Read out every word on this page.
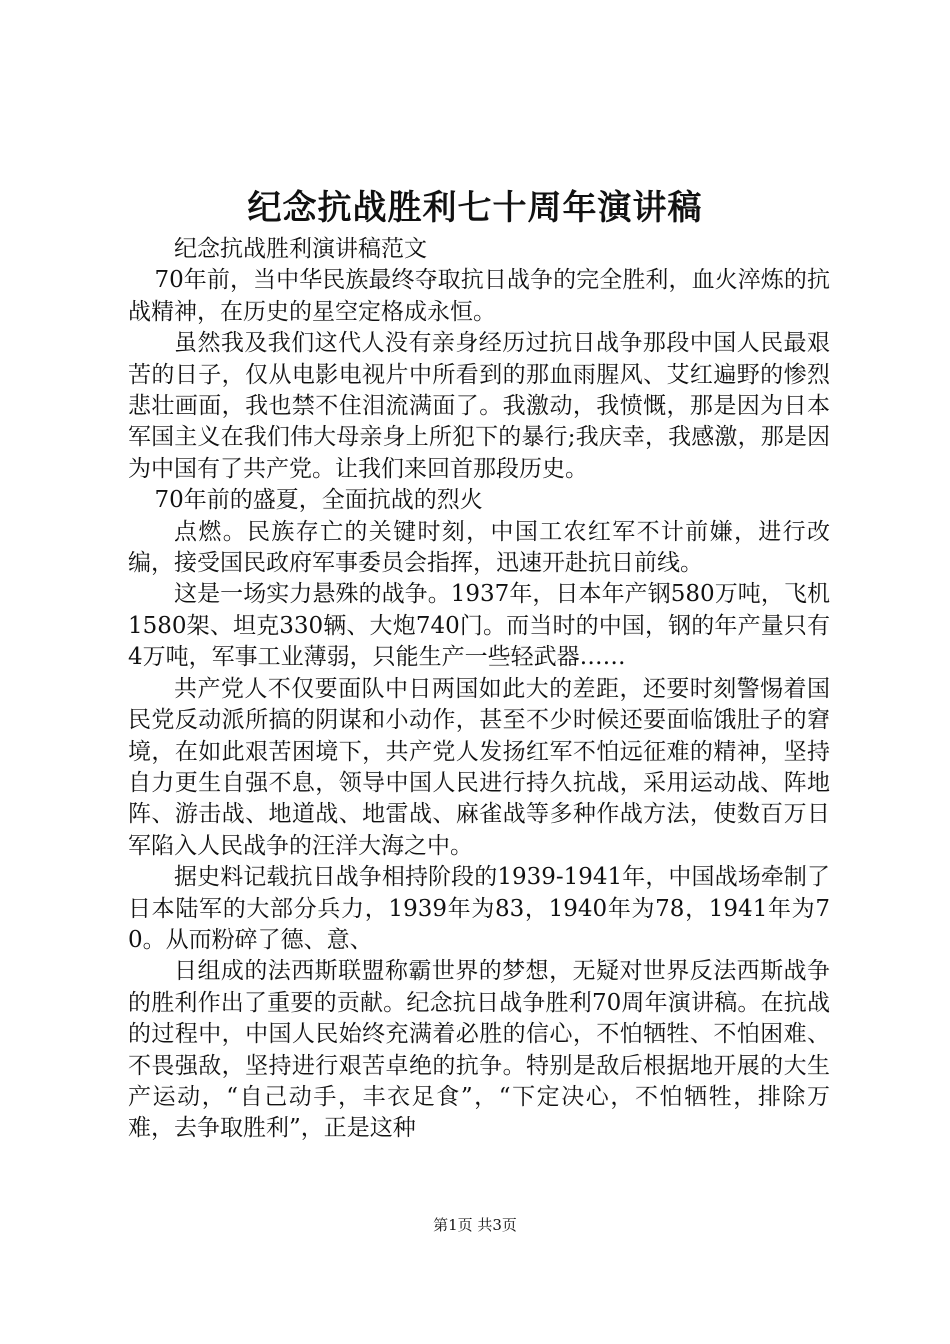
纪念抗战胜利七十周年演讲稿

纪念抗战胜利演讲稿范文

70年前，当中华民族最终夺取抗日战争的完全胜利，血火淬炼的抗战精神，在历史的星空定格成永恒。

虽然我及我们这代人没有亲身经历过抗日战争那段中国人民最艰苦的日子，仅从电影电视片中所看到的那血雨腥风、艾红遍野的惨烈悲壮画面，我也禁不住泪流满面了。我激动，我愤慨，那是因为日本军国主义在我们伟大母亲身上所犯下的暴行;我庆幸，我感激，那是因为中国有了共产党。让我们来回首那段历史。

70年前的盛夏，全面抗战的烈火

点燃。民族存亡的关键时刻，中国工农红军不计前嫌，进行改编，接受国民政府军事委员会指挥，迅速开赴抗日前线。

这是一场实力悬殊的战争。1937年，日本年产钢580万吨，飞机1580架、坦克330辆、大炮740门。而当时的中国，钢的年产量只有4万吨，军事工业薄弱，只能生产一些轻武器……

共产党人不仅要面队中日两国如此大的差距，还要时刻警惕着国民党反动派所搞的阴谋和小动作，甚至不少时候还要面临饿肚子的窘境，在如此艰苦困境下，共产党人发扬红军不怕远征难的精神，坚持自力更生自强不息，领导中国人民进行持久抗战，采用运动战、阵地阵、游击战、地道战、地雷战、麻雀战等多种作战方法，使数百万日军陷入人民战争的汪洋大海之中。

据史料记载抗日战争相持阶段的1939-1941年，中国战场牵制了日本陆军的大部分兵力，1939年为83，1940年为78，1941年为70。从而粉碎了德、意、

日组成的法西斯联盟称霸世界的梦想，无疑对世界反法西斯战争的胜利作出了重要的贡献。纪念抗日战争胜利70周年演讲稿。在抗战的过程中，中国人民始终充满着必胜的信心，不怕牺牲、不怕困难、不畏强敌，坚持进行艰苦卓绝的抗争。特别是敌后根据地开展的大生产运动，“自己动手，丰衣足食”，“下定决心，不怕牺牲，排除万难，去争取胜利”，正是这种

第1页 共3页
